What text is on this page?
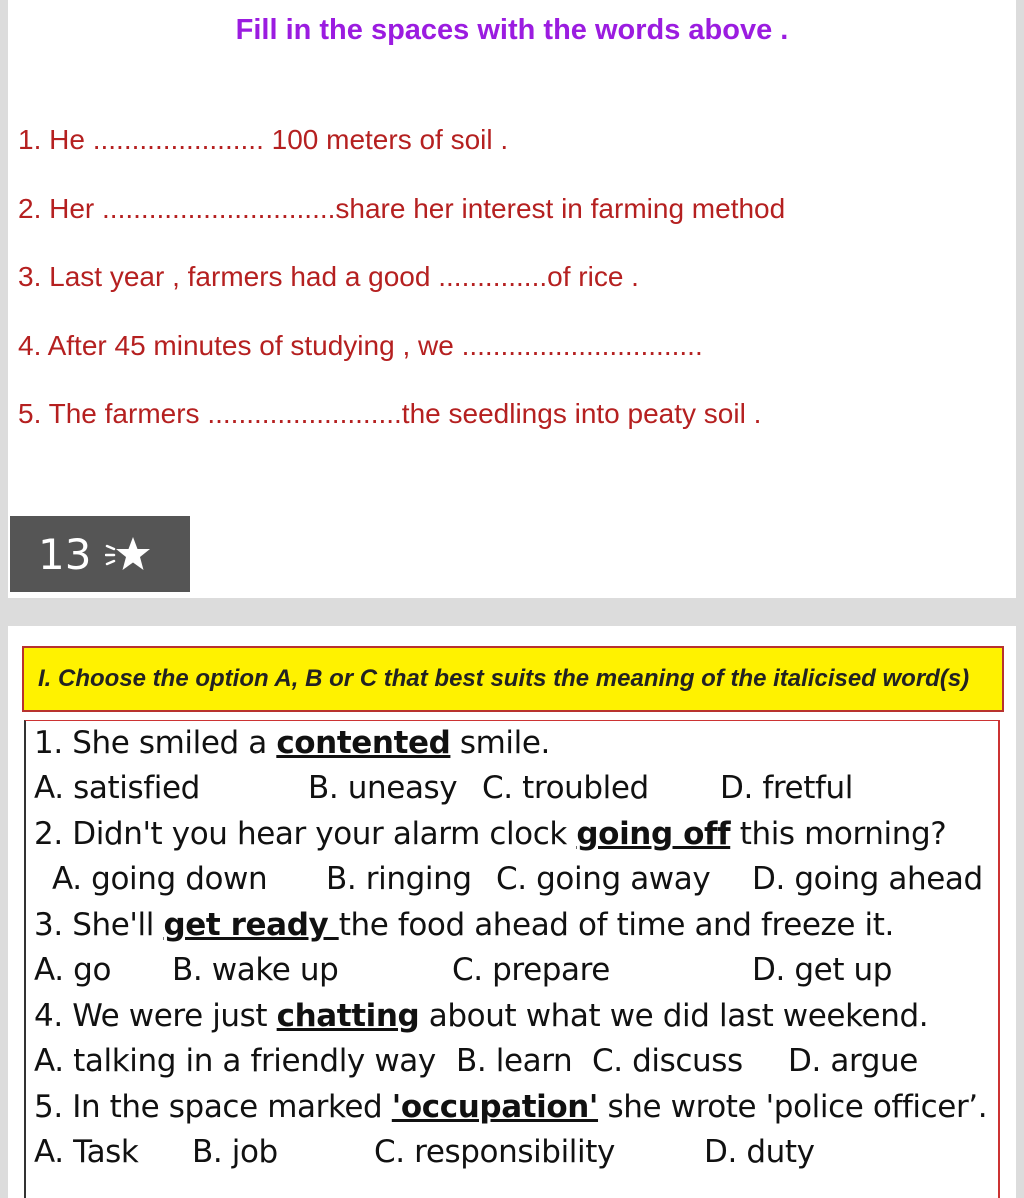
Fill in the spaces with the words above .
1. He ...................... 100 meters of soil .
2. Her ..............................share her interest in farming method
3. Last year , farmers had a good ..............of rice .
4. After 45 minutes of studying , we ...............................
5. The farmers .........................the seedlings into peaty soil .
13
I. Choose the option A, B or C that best suits the meaning of the italicised word(s)
1. She smiled a contented smile.
A. satisfied	B. uneasy C. troubled D. fretful
2. Didn't you hear your alarm clock going off this morning?
A. going down B. ringing C. going away D. going ahead
3. She'll get ready the food ahead of time and freeze it.
A. go B. wake up	C. prepare	D. get up
4. We were just chatting about what we did last weekend.
A. talking in a friendly way B. learn C. discuss D. argue
5. In the space marked 'occupation' she wrote 'police officer’.
A. Task B. job	C. responsibility	D. duty
